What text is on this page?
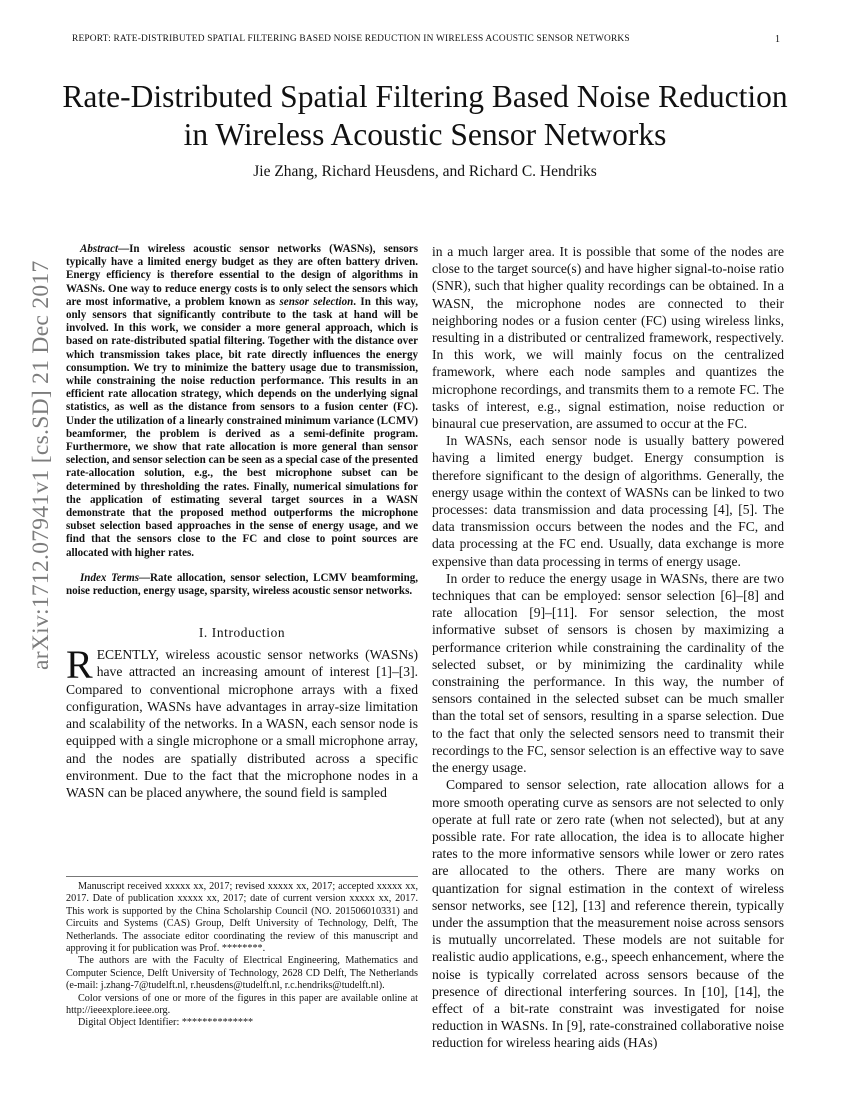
REPORT: RATE-DISTRIBUTED SPATIAL FILTERING BASED NOISE REDUCTION IN WIRELESS ACOUSTIC SENSOR NETWORKS	1
arXiv:1712.07941v1 [cs.SD] 21 Dec 2017
Rate-Distributed Spatial Filtering Based Noise Reduction in Wireless Acoustic Sensor Networks
Jie Zhang, Richard Heusdens, and Richard C. Hendriks

Abstract—In wireless acoustic sensor networks (WASNs), sensors typically have a limited energy budget as they are often battery driven. Energy efficiency is therefore essential to the design of algorithms in WASNs. One way to reduce energy costs is to only select the sensors which are most informative, a problem known as sensor selection. In this way, only sensors that significantly contribute to the task at hand will be involved. In this work, we consider a more general approach, which is based on rate-distributed spatial filtering. Together with the distance over which transmission takes place, bit rate directly influences the energy consumption. We try to minimize the battery usage due to transmission, while constraining the noise reduction performance. This results in an efficient rate allocation strategy, which depends on the underlying signal statistics, as well as the distance from sensors to a fusion center (FC). Under the utilization of a linearly constrained minimum variance (LCMV) beamformer, the problem is derived as a semi-definite program. Furthermore, we show that rate allocation is more general than sensor selection, and sensor selection can be seen as a special case of the presented rate-allocation solution, e.g., the best microphone subset can be determined by thresholding the rates. Finally, numerical simulations for the application of estimating several target sources in a WASN demonstrate that the proposed method outperforms the microphone subset selection based approaches in the sense of energy usage, and we find that the sensors close to the FC and close to point sources are allocated with higher rates.

Index Terms—Rate allocation, sensor selection, LCMV beamforming, noise reduction, energy usage, sparsity, wireless acoustic sensor networks.

I. Introduction

RECENTLY, wireless acoustic sensor networks (WASNs) have attracted an increasing amount of interest [1]–[3]. Compared to conventional microphone arrays with a fixed configuration, WASNs have advantages in array-size limitation and scalability of the networks. In a WASN, each sensor node is equipped with a single microphone or a small microphone array, and the nodes are spatially distributed across a specific environment. Due to the fact that the microphone nodes in a WASN can be placed anywhere, the sound field is sampled

Manuscript received xxxxx xx, 2017; revised xxxxx xx, 2017; accepted xxxxx xx, 2017. Date of publication xxxxx xx, 2017; date of current version xxxxx xx, 2017. This work is supported by the China Scholarship Council (NO. 201506010331) and Circuits and Systems (CAS) Group, Delft University of Technology, Delft, The Netherlands. The associate editor coordinating the review of this manuscript and approving it for publication was Prof. ********.

The authors are with the Faculty of Electrical Engineering, Mathematics and Computer Science, Delft University of Technology, 2628 CD Delft, The Netherlands (e-mail: j.zhang-7@tudelft.nl, r.heusdens@tudelft.nl, r.c.hendriks@tudelft.nl).

Color versions of one or more of the figures in this paper are available online at http://ieeexplore.ieee.org.

Digital Object Identifier: **************

in a much larger area. It is possible that some of the nodes are close to the target source(s) and have higher signal-to-noise ratio (SNR), such that higher quality recordings can be obtained. In a WASN, the microphone nodes are connected to their neighboring nodes or a fusion center (FC) using wireless links, resulting in a distributed or centralized framework, respectively. In this work, we will mainly focus on the centralized framework, where each node samples and quantizes the microphone recordings, and transmits them to a remote FC. The tasks of interest, e.g., signal estimation, noise reduction or binaural cue preservation, are assumed to occur at the FC.

In WASNs, each sensor node is usually battery powered having a limited energy budget. Energy consumption is therefore significant to the design of algorithms. Generally, the energy usage within the context of WASNs can be linked to two processes: data transmission and data processing [4], [5]. The data transmission occurs between the nodes and the FC, and data processing at the FC end. Usually, data exchange is more expensive than data processing in terms of energy usage.

In order to reduce the energy usage in WASNs, there are two techniques that can be employed: sensor selection [6]–[8] and rate allocation [9]–[11]. For sensor selection, the most informative subset of sensors is chosen by maximizing a performance criterion while constraining the cardinality of the selected subset, or by minimizing the cardinality while constraining the performance. In this way, the number of sensors contained in the selected subset can be much smaller than the total set of sensors, resulting in a sparse selection. Due to the fact that only the selected sensors need to transmit their recordings to the FC, sensor selection is an effective way to save the energy usage.

Compared to sensor selection, rate allocation allows for a more smooth operating curve as sensors are not selected to only operate at full rate or zero rate (when not selected), but at any possible rate. For rate allocation, the idea is to allocate higher rates to the more informative sensors while lower or zero rates are allocated to the others. There are many works on quantization for signal estimation in the context of wireless sensor networks, see [12], [13] and reference therein, typically under the assumption that the measurement noise across sensors is mutually uncorrelated. These models are not suitable for realistic audio applications, e.g., speech enhancement, where the noise is typically correlated across sensors because of the presence of directional interfering sources. In [10], [14], the effect of a bit-rate constraint was investigated for noise reduction in WASNs. In [9], rate-constrained collaborative noise reduction for wireless hearing aids (HAs)
